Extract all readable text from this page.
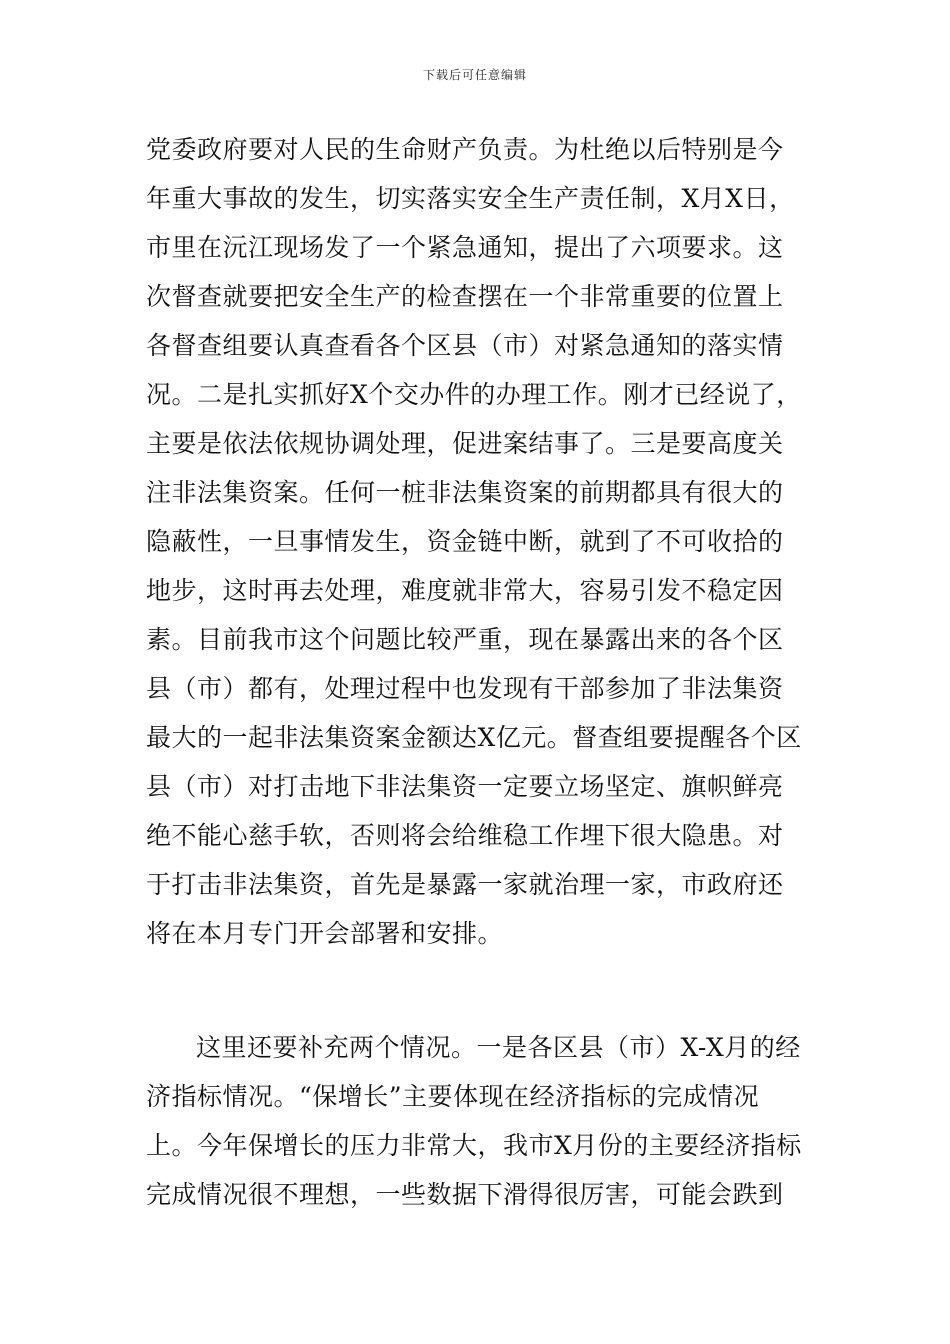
下载后可任意编辑
党委政府要对人民的生命财产负责。为杜绝以后特别是今
年重大事故的发生，切实落实安全生产责任制，X月X日，
市里在沅江现场发了一个紧急通知，提出了六项要求。这
次督查就要把安全生产的检查摆在一个非常重要的位置上
各督查组要认真查看各个区县（市）对紧急通知的落实情
况。二是扎实抓好X个交办件的办理工作。刚才已经说了，
主要是依法依规协调处理，促进案结事了。三是要高度关
注非法集资案。任何一桩非法集资案的前期都具有很大的
隐蔽性，一旦事情发生，资金链中断，就到了不可收拾的
地步，这时再去处理，难度就非常大，容易引发不稳定因
素。目前我市这个问题比较严重，现在暴露出来的各个区
县（市）都有，处理过程中也发现有干部参加了非法集资
最大的一起非法集资案金额达X亿元。督查组要提醒各个区
县（市）对打击地下非法集资一定要立场坚定、旗帜鲜亮
绝不能心慈手软，否则将会给维稳工作埋下很大隐患。对
于打击非法集资，首先是暴露一家就治理一家，市政府还
将在本月专门开会部署和安排。
这里还要补充两个情况。一是各区县（市）X-X月的经
济指标情况。“保增长”主要体现在经济指标的完成情况
上。今年保增长的压力非常大，我市X月份的主要经济指标
完成情况很不理想，一些数据下滑得很厉害，可能会跌到
